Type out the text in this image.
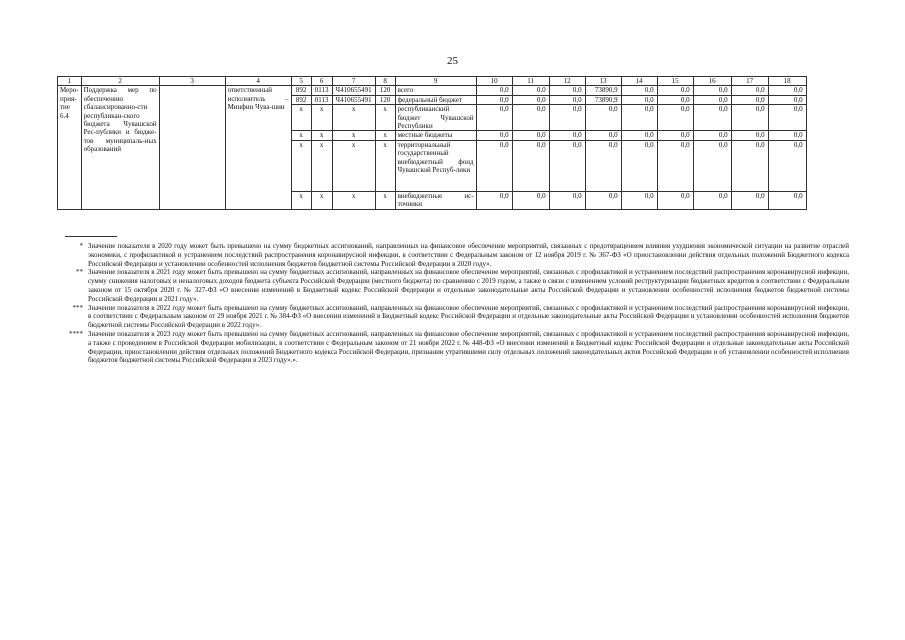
25
1	2	3	4	5	6	7	8	9	10	11	12	13	14	15	16	17	18
Меро-
прия-
тие 6.4	Поддержка мер по обеспечению сбалансированно-сти республикан-ского бюджета Чувашской Рес-публики и бюдже-тов муниципаль-ных образований		ответственный исполнитель – Минфин Чува-шии	892	0113	Ч410655491	120	всего	0,0	0,0	0,0	73890,9	0,0	0,0	0,0	0,0	0,0
				892	0113	Ч410655491	120	федеральный бюджет	0,0	0,0	0,0	73890,9	0,0	0,0	0,0	0,0	0,0
				х	х	х	х	республиканский бюджет Чувашской Республики	0,0	0,0	0,0	0,0	0,0	0,0	0,0	0,0	0,0
				х	х	х	х	местные бюджеты	0,0	0,0	0,0	0,0	0,0	0,0	0,0	0,0	0,0
				х	х	х	х	территориальный государственный внебюджетный фонд Чувашской Респуб-лики	0,0	0,0	0,0	0,0	0,0	0,0	0,0	0,0	0,0
				х	х	х	х	внебюджетные ис-точники	0,0	0,0	0,0	0,0	0,0	0,0	0,0	0,0	0,0
* Значение показателя в 2020 году может быть превышено на сумму бюджетных ассигнований, направленных на финансовое обеспечение мероприятий, связанных с предотвращением влияния ухудшения экономической ситуации на развитие отраслей экономики, с профилактикой и устранением последствий распространения коронавирусной инфекции, в соответствии с Федеральным законом от 12 ноября 2019 г. № 367-ФЗ «О приостановлении действия отдельных положений Бюджетного кодекса Российской Федерации и установлении особенностей исполнения бюджетов бюджетной системы Российской Федерации в 2020 году».
** Значение показателя в 2021 году может быть превышено на сумму бюджетных ассигнований, направленных на финансовое обеспечение мероприятий, связанных с профилактикой и устранением последствий распространения коронавирусной инфекции, сумму снижения налоговых и неналоговых доходов бюджета субъекта Российской Федерации (местного бюджета) по сравнению с 2019 годом, а также в связи с изменением условий реструктуризации бюджетных кредитов в соответствии с Федеральным законом от 15 октября 2020 г. № 327-ФЗ «О внесении изменений в Бюджетный кодекс Российской Федерации и отдельные законодательные акты Российской Федерации и установлении особенностей исполнения бюджетов бюджетной системы Российской Федерации в 2021 году».
*** Значение показателя в 2022 году может быть превышено на сумму бюджетных ассигнований, направленных на финансовое обеспечение мероприятий, связанных с профилактикой и устранением последствий распространения коронавирусной инфекции, в соответствии с Федеральным законом от 29 ноября 2021 г. № 384-ФЗ «О внесении изменений в Бюджетный кодекс Российской Федерации и отдельные законодательные акты Российской Федерации и установлении особенностей исполнения бюджетов бюджетной системы Российской Федерации в 2022 году».
**** Значение показателя в 2023 году может быть превышено на сумму бюджетных ассигнований, направленных на финансовое обеспечение мероприятий, связанных с профилактикой и устранением последствий распространения коронавирусной инфекции, а также с проведением в Российской Федерации мобилизации, в соответствии с Федеральным законом от 21 ноября 2022 г. № 448-ФЗ «О внесении изменений в Бюджетный кодекс Российской Федерации и отдельные законодательные акты Российской Федерации, приостановлении действия отдельных положений Бюджетного кодекса Российской Федерации, признании утратившими силу отдельных положений законодательных актов Российской Федерации и об установлении особенностей исполнения бюджетов бюджетной системы Российской Федерации в 2023 году».».
